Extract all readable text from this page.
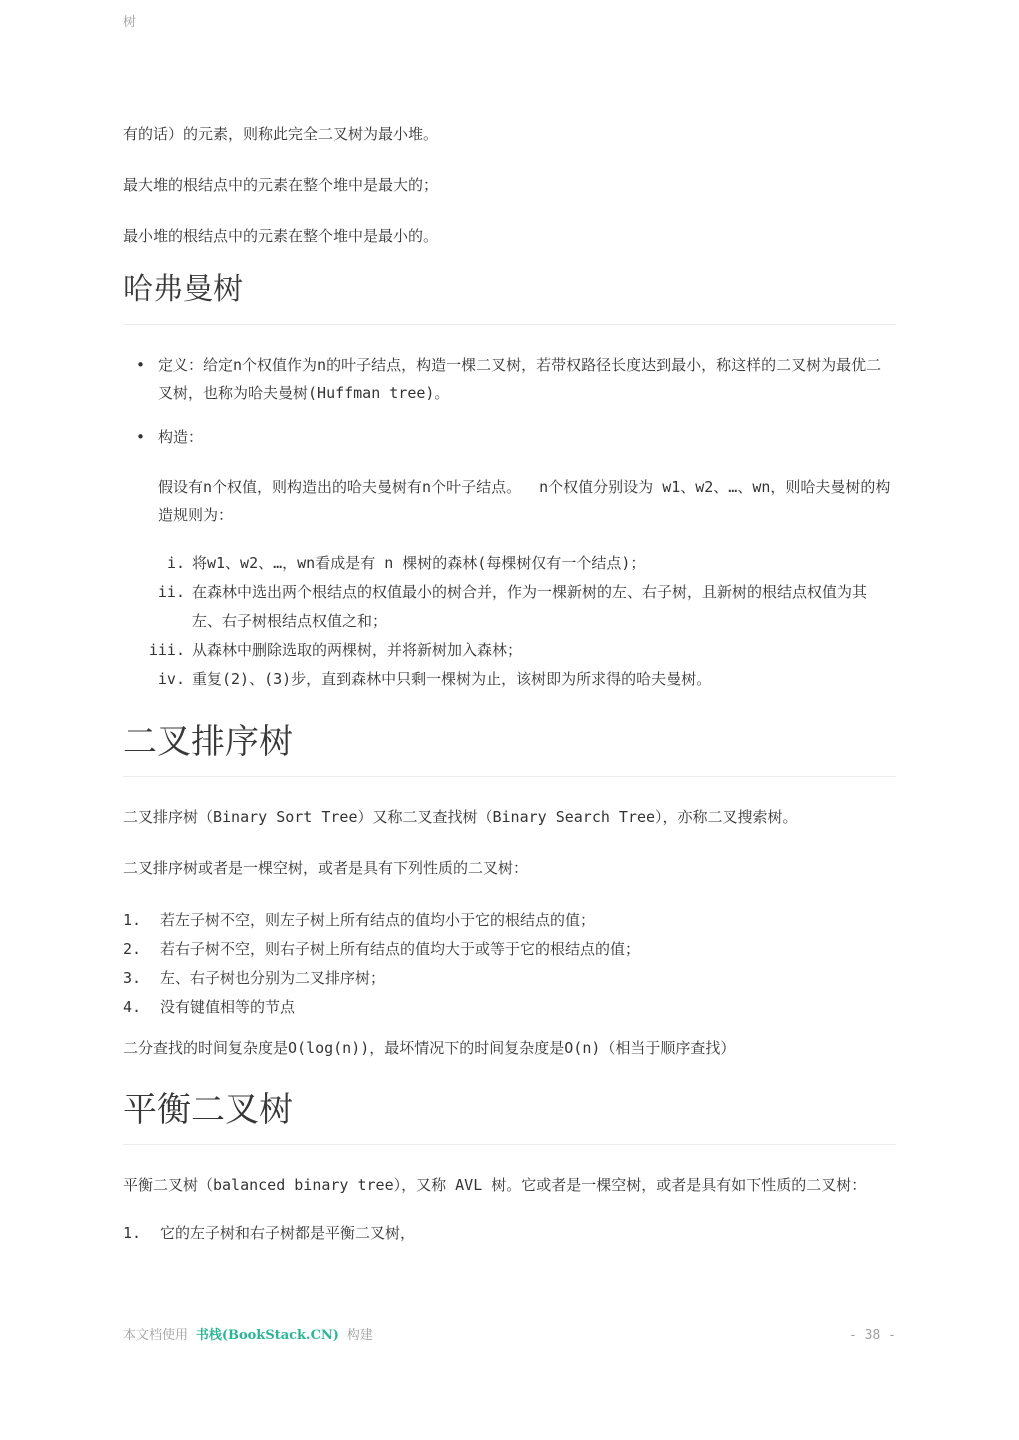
树

有的话）的元素，则称此完全二叉树为最小堆。

最大堆的根结点中的元素在整个堆中是最大的；

最小堆的根结点中的元素在整个堆中是最小的。

哈弗曼树
• 定义：给定n个权值作为n的叶子结点，构造一棵二叉树，若带权路径长度达到最小，称这样的二叉树为最优二叉树，也称为哈夫曼树(Huffman tree)。
• 构造：

假设有n个权值，则构造出的哈夫曼树有n个叶子结点。  n个权值分别设为 w1、w2、…、wn，则哈夫曼树的构造规则为：

i. 将w1、w2、…，wn看成是有 n 棵树的森林(每棵树仅有一个结点)；
ii. 在森林中选出两个根结点的权值最小的树合并，作为一棵新树的左、右子树，且新树的根结点权值为其左、右子树根结点权值之和；
iii. 从森林中删除选取的两棵树，并将新树加入森林；
iv. 重复(2)、(3)步，直到森林中只剩一棵树为止，该树即为所求得的哈夫曼树。
二叉排序树

二叉排序树（Binary Sort Tree）又称二叉查找树（Binary Search Tree），亦称二叉搜索树。

二叉排序树或者是一棵空树，或者是具有下列性质的二叉树：

1.	若左子树不空，则左子树上所有结点的值均小于它的根结点的值；
2.	若右子树不空，则右子树上所有结点的值均大于或等于它的根结点的值；
3.	左、右子树也分别为二叉排序树；
4.	没有键值相等的节点

二分查找的时间复杂度是O(log(n))，最坏情况下的时间复杂度是O(n)（相当于顺序查找）

平衡二叉树

平衡二叉树（balanced binary tree），又称 AVL 树。它或者是一棵空树，或者是具有如下性质的二叉树：

1.	它的左子树和右子树都是平衡二叉树，
本文档使用 书栈(BookStack.CN) 构建	- 38 -
